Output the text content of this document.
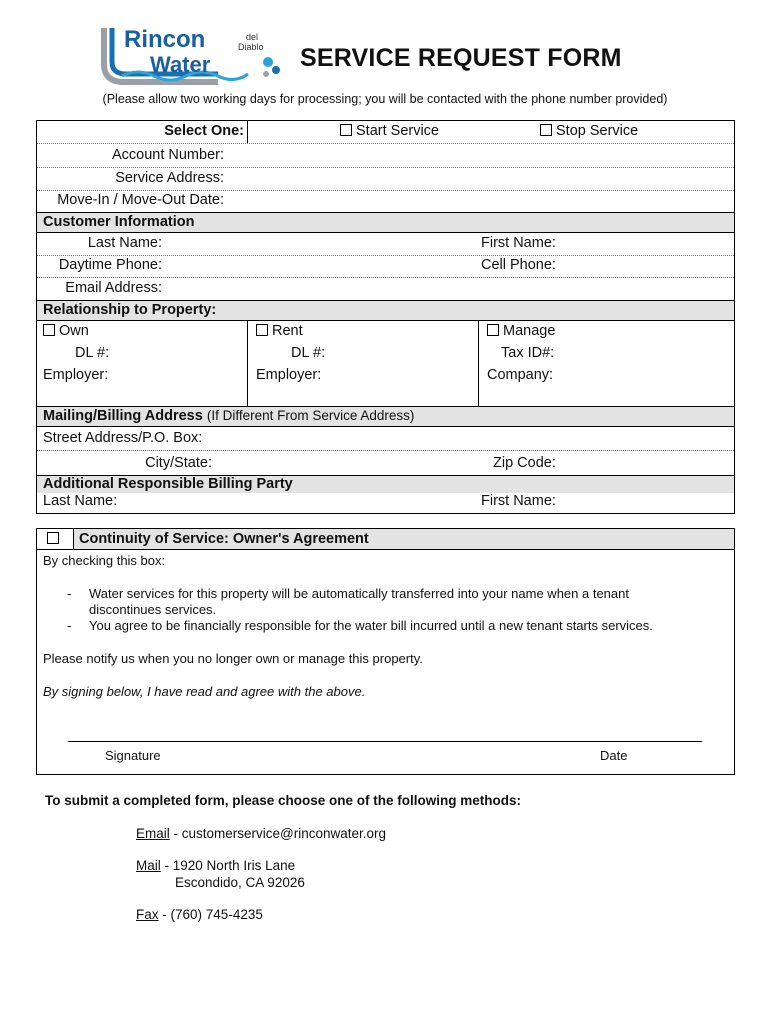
Rincon
Water
del
Diablo SERVICE REQUEST FORM
(Please allow two working days for processing; you will be contacted with the phone number provided)
Select One:	Start Service	Stop Service
Account Number:
Service Address:
Move-In / Move-Out Date:
Customer Information
Last Name:	First Name:
Daytime Phone:	Cell Phone:
Email Address:
Relationship to Property:
Own	Rent	Manage
DL #:	DL #:	Tax ID#:
Employer:	Employer:	Company:
Mailing/Billing Address (If Different From Service Address)
Street Address/P.O. Box:
City/State:	Zip Code:
Additional Responsible Billing Party
Last Name:	First Name:
Continuity of Service: Owner's Agreement
By checking this box:
- Water services for this property will be automatically transferred into your name when a tenant
discontinues services.
- You agree to be financially responsible for the water bill incurred until a new tenant starts services.
Please notify us when you no longer own or manage this property.
By signing below, I have read and agree with the above.
Signature	Date
To submit a completed form, please choose one of the following methods:
Email - customerservice@rinconwater.org
Mail - 1920 North Iris Lane
Escondido, CA 92026
Fax - (760) 745-4235
